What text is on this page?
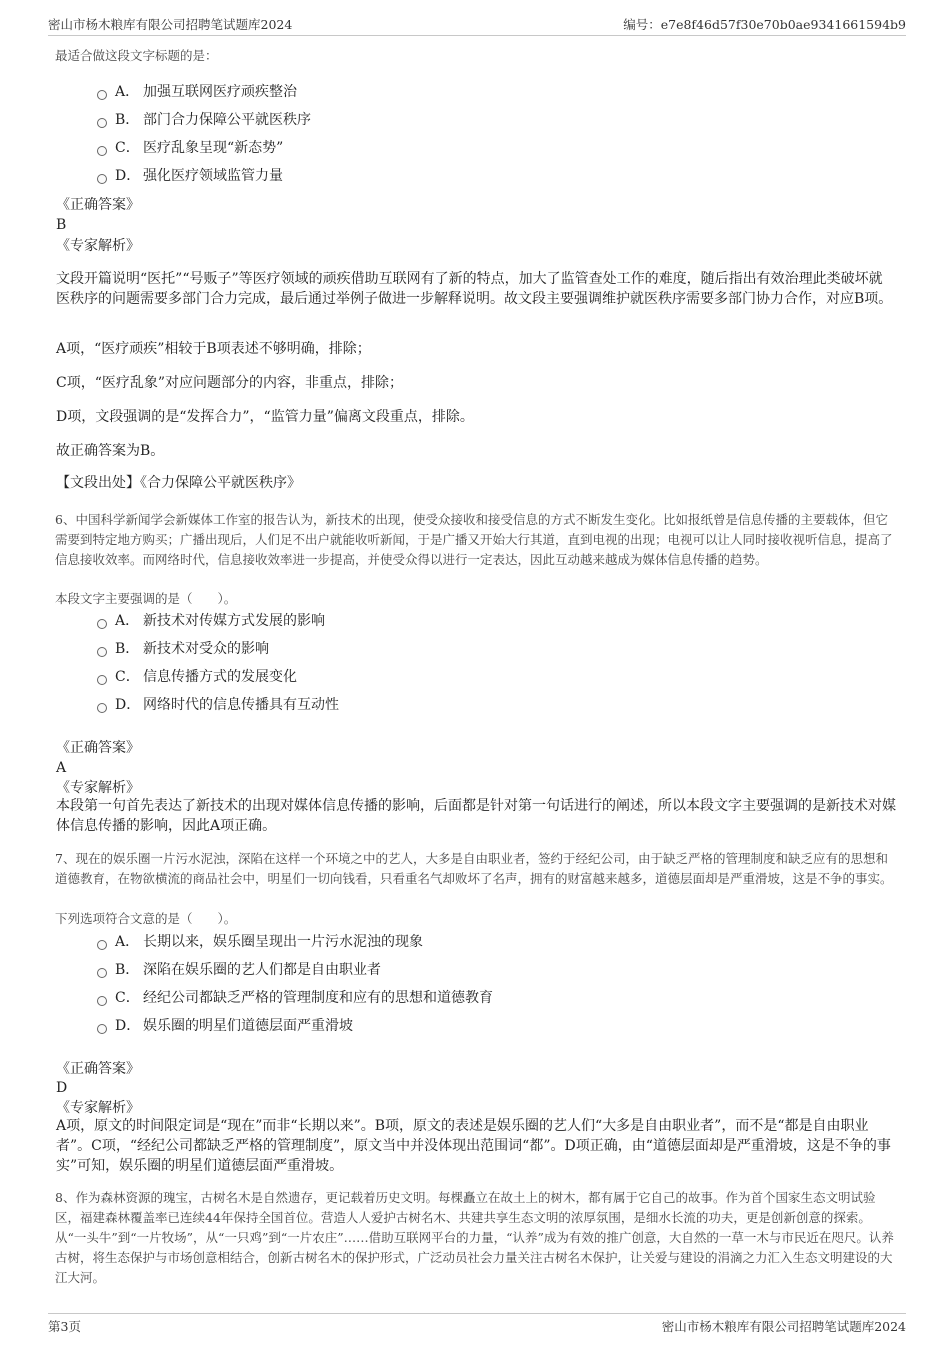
密山市杨木粮库有限公司招聘笔试题库2024	编号：e7e8f46d57f30e70b0ae9341661594b9
最适合做这段文字标题的是：
A． 加强互联网医疗顽疾整治
B． 部门合力保障公平就医秩序
C． 医疗乱象呈现“新态势”
D． 强化医疗领域监管力量
《正确答案》
B
《专家解析》
文段开篇说明“医托”“号贩子”等医疗领域的顽疾借助互联网有了新的特点，加大了监管查处工作的难度，随后指出有效治理此类破坏就医秩序的问题需要多部门合力完成，最后通过举例子做进一步解释说明。故文段主要强调维护就医秩序需要多部门协力合作，对应B项。
A项，“医疗顽疾”相较于B项表述不够明确，排除；
C项，“医疗乱象”对应问题部分的内容，非重点，排除；
D项，文段强调的是“发挥合力”，“监管力量”偏离文段重点，排除。
故正确答案为B。
【文段出处】《合力保障公平就医秩序》
6、中国科学新闻学会新媒体工作室的报告认为，新技术的出现，使受众接收和接受信息的方式不断发生变化。比如报纸曾是信息传播的主要载体，但它需要到特定地方购买；广播出现后，人们足不出户就能收听新闻，于是广播又开始大行其道，直到电视的出现；电视可以让人同时接收视听信息，提高了信息接收效率。而网络时代，信息接收效率进一步提高，并使受众得以进行一定表达，因此互动越来越成为媒体信息传播的趋势。
本段文字主要强调的是（　　）。
A． 新技术对传媒方式发展的影响
B． 新技术对受众的影响
C． 信息传播方式的发展变化
D． 网络时代的信息传播具有互动性
《正确答案》
A
《专家解析》
本段第一句首先表达了新技术的出现对媒体信息传播的影响，后面都是针对第一句话进行的阐述，所以本段文字主要强调的是新技术对媒体信息传播的影响，因此A项正确。
7、现在的娱乐圈一片污水泥浊，深陷在这样一个环境之中的艺人，大多是自由职业者，签约于经纪公司，由于缺乏严格的管理制度和缺乏应有的思想和道德教育，在物欲横流的商品社会中，明星们一切向钱看，只看重名气却败坏了名声，拥有的财富越来越多，道德层面却是严重滑坡，这是不争的事实。
下列选项符合文意的是（　　）。
A． 长期以来，娱乐圈呈现出一片污水泥浊的现象
B． 深陷在娱乐圈的艺人们都是自由职业者
C． 经纪公司都缺乏严格的管理制度和应有的思想和道德教育
D． 娱乐圈的明星们道德层面严重滑坡
《正确答案》
D
《专家解析》
A项，原文的时间限定词是“现在”而非“长期以来”。B项，原文的表述是娱乐圈的艺人们“大多是自由职业者”，而不是“都是自由职业者”。C项，“经纪公司都缺乏严格的管理制度”，原文当中并没体现出范围词“都”。D项正确，由“道德层面却是严重滑坡，这是不争的事实”可知，娱乐圈的明星们道德层面严重滑坡。
8、作为森林资源的瑰宝，古树名木是自然遗存，更记载着历史文明。每棵矗立在故土上的树木，都有属于它自己的故事。作为首个国家生态文明试验区，福建森林覆盖率已连续44年保持全国首位。营造人人爱护古树名木、共建共享生态文明的浓厚氛围，是细水长流的功夫，更是创新创意的探索。从“一头牛”到“一片牧场”，从“一只鸡”到“一片农庄”……借助互联网平台的力量，“认养”成为有效的推广创意，大自然的一草一木与市民近在咫尺。认养古树，将生态保护与市场创意相结合，创新古树名木的保护形式，广泛动员社会力量关注古树名木保护，让关爱与建设的涓滴之力汇入生态文明建设的大江大河。
第3页	密山市杨木粮库有限公司招聘笔试题库2024
